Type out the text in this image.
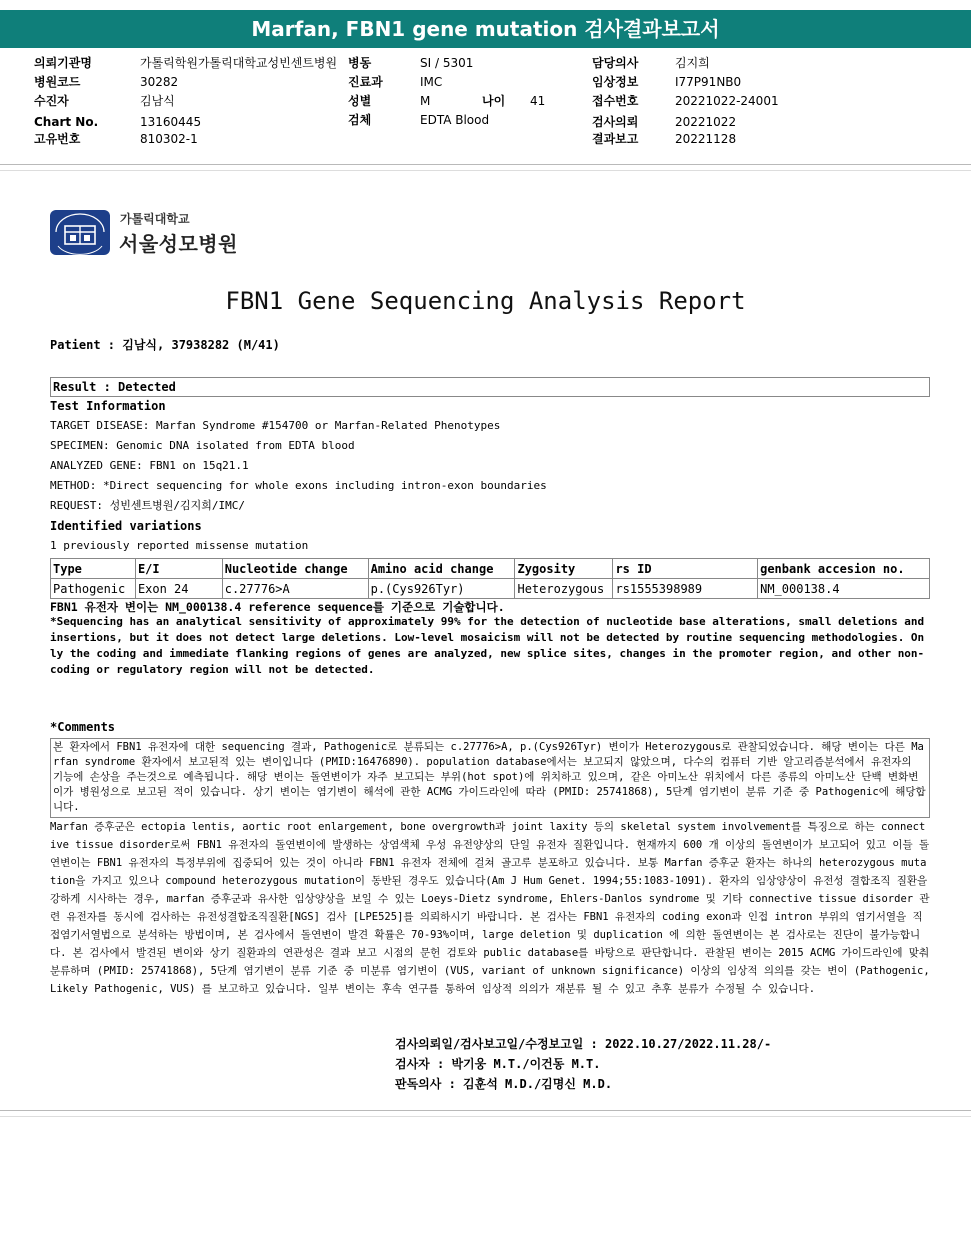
Marfan, FBN1 gene mutation 검사결과보고서
의뢰기관명	가톨릭학원가톨릭대학교성빈센트병원
병원코드	30282
수진자	김남식
Chart No.	13160445
고유번호	810302-1
병동	SI / 5301
진료과	IMC
성별	M	나이 41
검체	EDTA Blood
담당의사	김지희
임상정보	I77P91NB0
접수번호	20221022-24001
검사의뢰	20221022
결과보고	20221128
가톨릭대학교
서울성모병원
FBN1 Gene Sequencing Analysis Report
Patient : 김남식, 37938282 (M/41)
Result : Detected
Test Information
TARGET DISEASE: Marfan Syndrome #154700 or Marfan-Related Phenotypes
SPECIMEN: Genomic DNA isolated from EDTA blood
ANALYZED GENE: FBN1 on 15q21.1
METHOD: *Direct sequencing for whole exons including intron-exon boundaries
REQUEST: 성빈센트병원/김지희/IMC/
Identified variations
1 previously reported missense mutation
Type	E/I	Nucleotide change	Amino acid change	Zygosity	rs ID	genbank accesion no.
Pathogenic	Exon 24	c.27776>A	p.(Cys926Tyr)	Heterozygous	rs1555398989	NM_000138.4
FBN1 유전자 변이는 NM_000138.4 reference sequence를 기준으로 기술합니다.
*Sequencing has an analytical sensitivity of approximately 99% for the detection of nucleotide base alterations, small deletions and insertions, but it does not detect large deletions. Low-level mosaicism will not be detected by routine sequencing methodologies. Only the coding and immediate flanking regions of genes are analyzed, new splice sites, changes in the promoter region, and other non-coding or regulatory region will not be detected.
*Comments
본 환자에서 FBN1 유전자에 대한 sequencing 결과, Pathogenic로 분류되는 c.27776>A, p.(Cys926Tyr) 변이가 Heterozygous로 관찰되었습니다. 해당 변이는 다른 Marfan syndrome 환자에서 보고된적 있는 변이입니다 (PMID:16476890). population database에서는 보고되지 않았으며, 다수의 컴퓨터 기반 알고리즘분석에서 유전자의 기능에 손상을 주는것으로 예측됩니다. 해당 변이는 돌연변이가 자주 보고되는 부위(hot spot)에 위치하고 있으며, 같은 아미노산 위치에서 다른 종류의 아미노산 단백 변화변이가 병원성으로 보고된 적이 있습니다. 상기 변이는 염기변이 해석에 관한 ACMG 가이드라인에 따라 (PMID: 25741868), 5단계 염기변이 분류 기준 중 Pathogenic에 해당합니다.
Marfan 증후군은 ectopia lentis, aortic root enlargement, bone overgrowth과 joint laxity 등의 skeletal system involvement를 특징으로 하는 connective tissue disorder로써 FBN1 유전자의 돌연변이에 발생하는 상염색체 우성 유전양상의 단일 유전자 질환입니다. 현재까지 600 개 이상의 돌연변이가 보고되어 있고 이들 돌연변이는 FBN1 유전자의 특정부위에 집중되어 있는 것이 아니라 FBN1 유전자 전체에 걸쳐 골고루 분포하고 있습니다. 보통 Marfan 증후군 환자는 하나의 heterozygous mutation을 가지고 있으나 compound heterozygous mutation이 동반된 경우도 있습니다(Am J Hum Genet. 1994;55:1083-1091). 환자의 임상양상이 유전성 결합조직 질환을 강하게 시사하는 경우, marfan 증후군과 유사한 임상양상을 보일 수 있는 Loeys-Dietz syndrome, Ehlers-Danlos syndrome 및 기타 connective tissue disorder 관련 유전자를 동시에 검사하는 유전성결합조직질환[NGS] 검사 [LPE525]를 의뢰하시기 바랍니다. 본 검사는 FBN1 유전자의 coding exon과 인접 intron 부위의 염기서열을 직접염기서열법으로 분석하는 방법이며, 본 검사에서 돌연변이 발견 확률은 70-93%이며, large deletion 및 duplication 에 의한 돌연변이는 본 검사로는 진단이 불가능합니다. 본 검사에서 발견된 변이와 상기 질환과의 연관성은 결과 보고 시점의 문헌 검토와 public database를 바탕으로 판단합니다. 관찰된 변이는 2015 ACMG 가이드라인에 맞춰 분류하며 (PMID: 25741868), 5단계 염기변이 분류 기준 중 미분류 염기변이 (VUS, variant of unknown significance) 이상의 임상적 의의를 갖는 변이 (Pathogenic, Likely Pathogenic, VUS) 를 보고하고 있습니다. 일부 변이는 후속 연구를 통하여 임상적 의의가 재분류 될 수 있고 추후 분류가 수정될 수 있습니다.
검사의뢰일/검사보고일/수정보고일 : 2022.10.27/2022.11.28/-
검사자 : 박기웅 M.T./이건동 M.T.
판독의사 : 김훈석 M.D./김명신 M.D.
